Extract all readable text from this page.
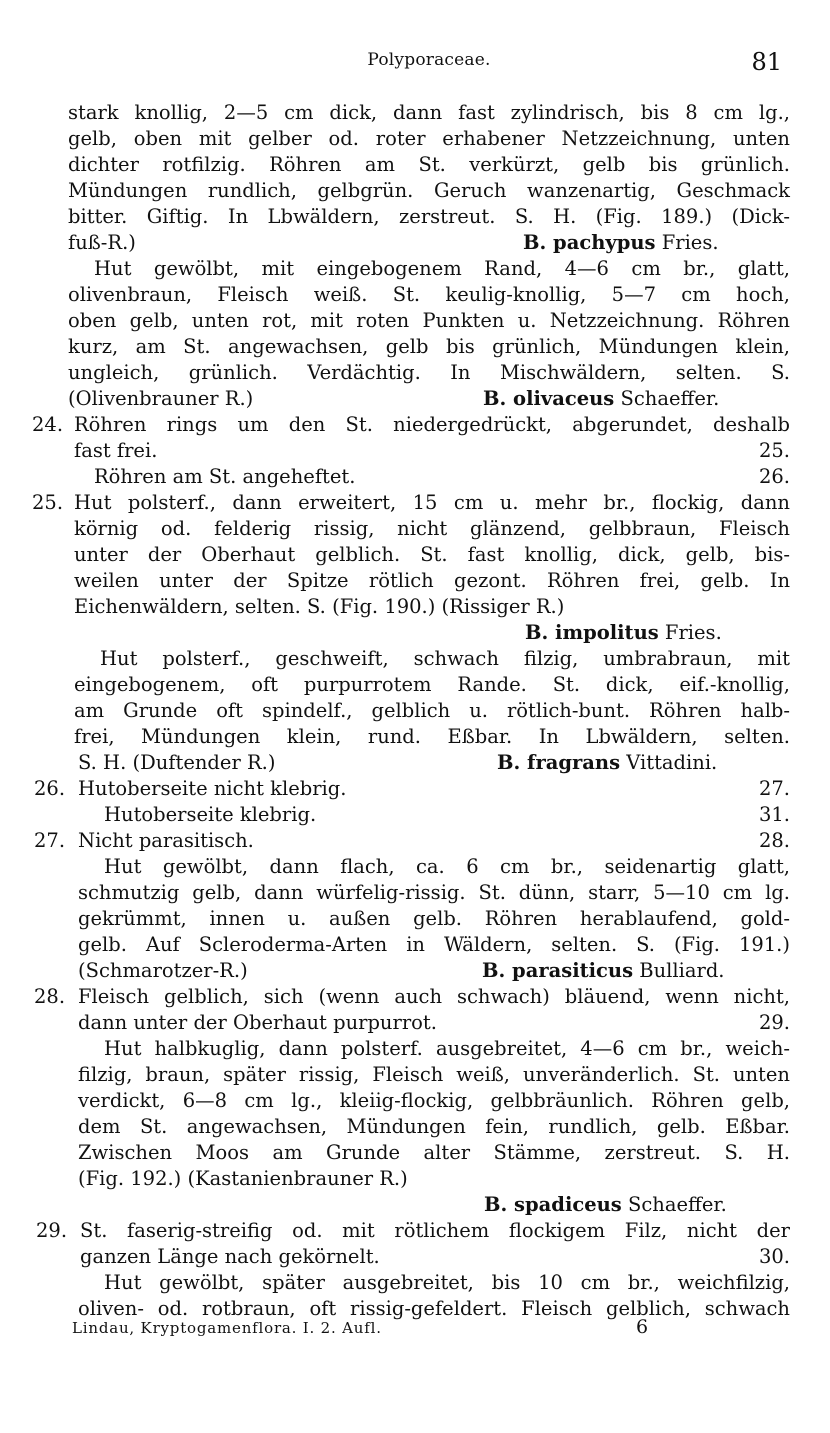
Polyporaceae.	81
stark knollig, 2—5 cm dick, dann fast zylindrisch, bis 8 cm lg.,
gelb, oben mit gelber od. roter erhabener Netzzeichnung, unten
dichter rotfilzig. Röhren am St. verkürzt, gelb bis grünlich.
Mündungen rundlich, gelbgrün. Geruch wanzenartig, Geschmack
bitter. Giftig. In Lbwäldern, zerstreut. S. H. (Fig. 189.) (Dick-
fuß-R.)	B. pachypus Fries.
Hut gewölbt, mit eingebogenem Rand, 4—6 cm br., glatt,
olivenbraun, Fleisch weiß. St. keulig-knollig, 5—7 cm hoch,
oben gelb, unten rot, mit roten Punkten u. Netzzeichnung. Röhren
kurz, am St. angewachsen, gelb bis grünlich, Mündungen klein,
ungleich, grünlich. Verdächtig. In Mischwäldern, selten. S.
(Olivenbrauner R.)	B. olivaceus Schaeffer.
24. Röhren rings um den St. niedergedrückt, abgerundet, deshalb
fast frei.	25.
Röhren am St. angeheftet.	26.
25. Hut polsterf., dann erweitert, 15 cm u. mehr br., flockig, dann
körnig od. felderig rissig, nicht glänzend, gelbbraun, Fleisch
unter der Oberhaut gelblich. St. fast knollig, dick, gelb, bis-
weilen unter der Spitze rötlich gezont. Röhren frei, gelb. In
Eichenwäldern, selten. S. (Fig. 190.) (Rissiger R.)
B. impolitus Fries.
Hut polsterf., geschweift, schwach filzig, umbrabraun, mit
eingebogenem, oft purpurrotem Rande. St. dick, eif.-knollig,
am Grunde oft spindelf., gelblich u. rötlich-bunt. Röhren halb-
frei, Mündungen klein, rund. Eßbar. In Lbwäldern, selten.
S. H. (Duftender R.)	B. fragrans Vittadini.
26. Hutoberseite nicht klebrig.	27.
Hutoberseite klebrig.	31.
27. Nicht parasitisch.	28.
Hut gewölbt, dann flach, ca. 6 cm br., seidenartig glatt,
schmutzig gelb, dann würfelig-rissig. St. dünn, starr, 5—10 cm lg.
gekrümmt, innen u. außen gelb. Röhren herablaufend, gold-
gelb. Auf Scleroderma-Arten in Wäldern, selten. S. (Fig. 191.)
(Schmarotzer-R.)	B. parasiticus Bulliard.
28. Fleisch gelblich, sich (wenn auch schwach) bläuend, wenn nicht,
dann unter der Oberhaut purpurrot.	29.
Hut halbkuglig, dann polsterf. ausgebreitet, 4—6 cm br., weich-
filzig, braun, später rissig, Fleisch weiß, unveränderlich. St. unten
verdickt, 6—8 cm lg., kleiig-flockig, gelbbräunlich. Röhren gelb,
dem St. angewachsen, Mündungen fein, rundlich, gelb. Eßbar.
Zwischen Moos am Grunde alter Stämme, zerstreut. S. H.
(Fig. 192.) (Kastanienbrauner R.)
B. spadiceus Schaeffer.
29. St. faserig-streifig od. mit rötlichem flockigem Filz, nicht der
ganzen Länge nach gekörnelt.	30.
Hut gewölbt, später ausgebreitet, bis 10 cm br., weichfilzig,
oliven- od. rotbraun, oft rissig-gefeldert. Fleisch gelblich, schwach
Lindau, Kryptogamenflora. I. 2. Aufl.	6
